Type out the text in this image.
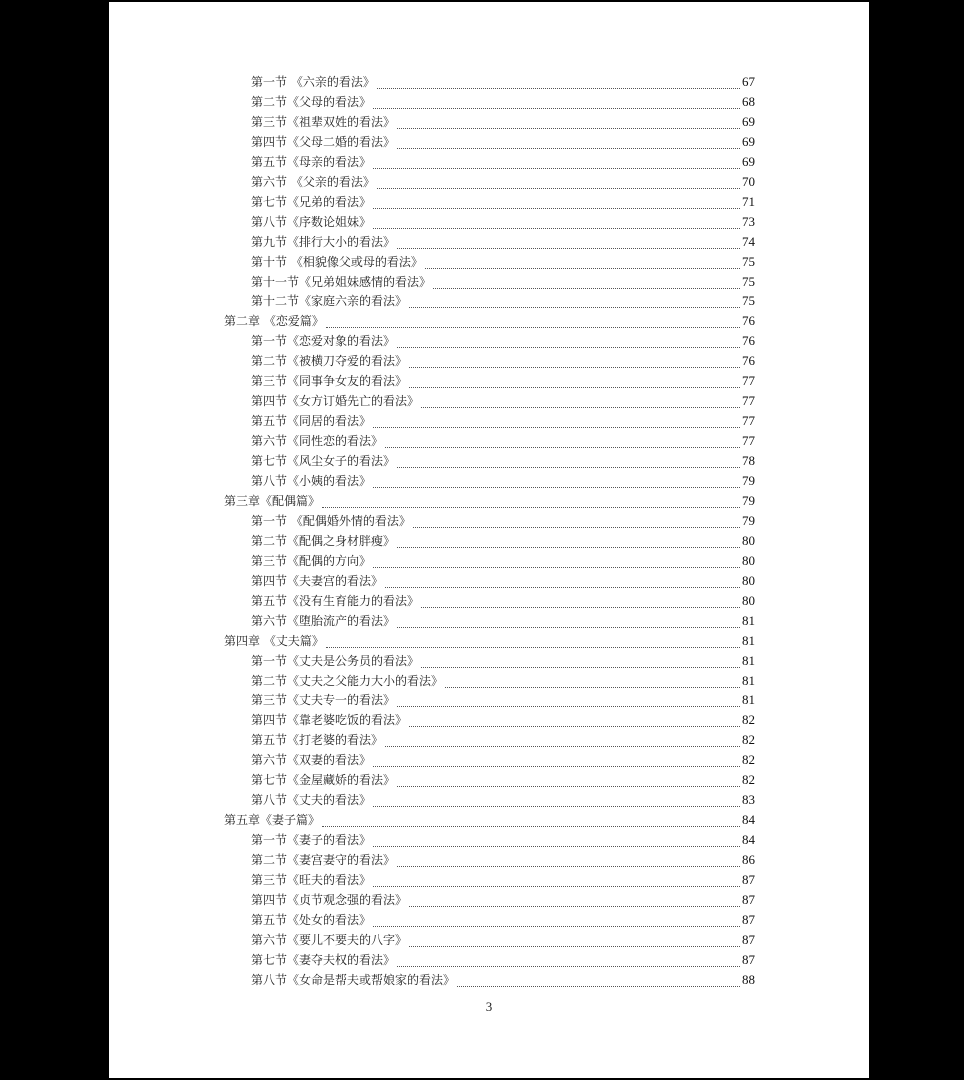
第一节 《六亲的看法》	67
第二节《父母的看法》	68
第三节《祖辈双姓的看法》	69
第四节《父母二婚的看法》	69
第五节《母亲的看法》	69
第六节 《父亲的看法》	70
第七节《兄弟的看法》	71
第八节《序数论姐妹》	73
第九节《排行大小的看法》	74
第十节 《相貌像父或母的看法》	75
第十一节《兄弟姐妹感情的看法》	75
第十二节《家庭六亲的看法》	75
第二章 《恋爱篇》	76
第一节《恋爱对象的看法》	76
第二节《被横刀夺爱的看法》	76
第三节《同事争女友的看法》	77
第四节《女方订婚先亡的看法》	77
第五节《同居的看法》	77
第六节《同性恋的看法》	77
第七节《风尘女子的看法》	78
第八节《小姨的看法》	79
第三章《配偶篇》	79
第一节 《配偶婚外情的看法》	79
第二节《配偶之身材胖瘦》	80
第三节《配偶的方向》	80
第四节《夫妻宫的看法》	80
第五节《没有生育能力的看法》	80
第六节《堕胎流产的看法》	81
第四章 《丈夫篇》	81
第一节《丈夫是公务员的看法》	81
第二节《丈夫之父能力大小的看法》	81
第三节《丈夫专一的看法》	81
第四节《靠老婆吃饭的看法》	82
第五节《打老婆的看法》	82
第六节《双妻的看法》	82
第七节《金屋藏娇的看法》	82
第八节《丈夫的看法》	83
第五章《妻子篇》	84
第一节《妻子的看法》	84
第二节《妻宫妻守的看法》	86
第三节《旺夫的看法》	87
第四节《贞节观念强的看法》	87
第五节《处女的看法》	87
第六节《要儿不要夫的八字》	87
第七节《妻夺夫权的看法》	87
第八节《女命是帮夫或帮娘家的看法》	88
3
